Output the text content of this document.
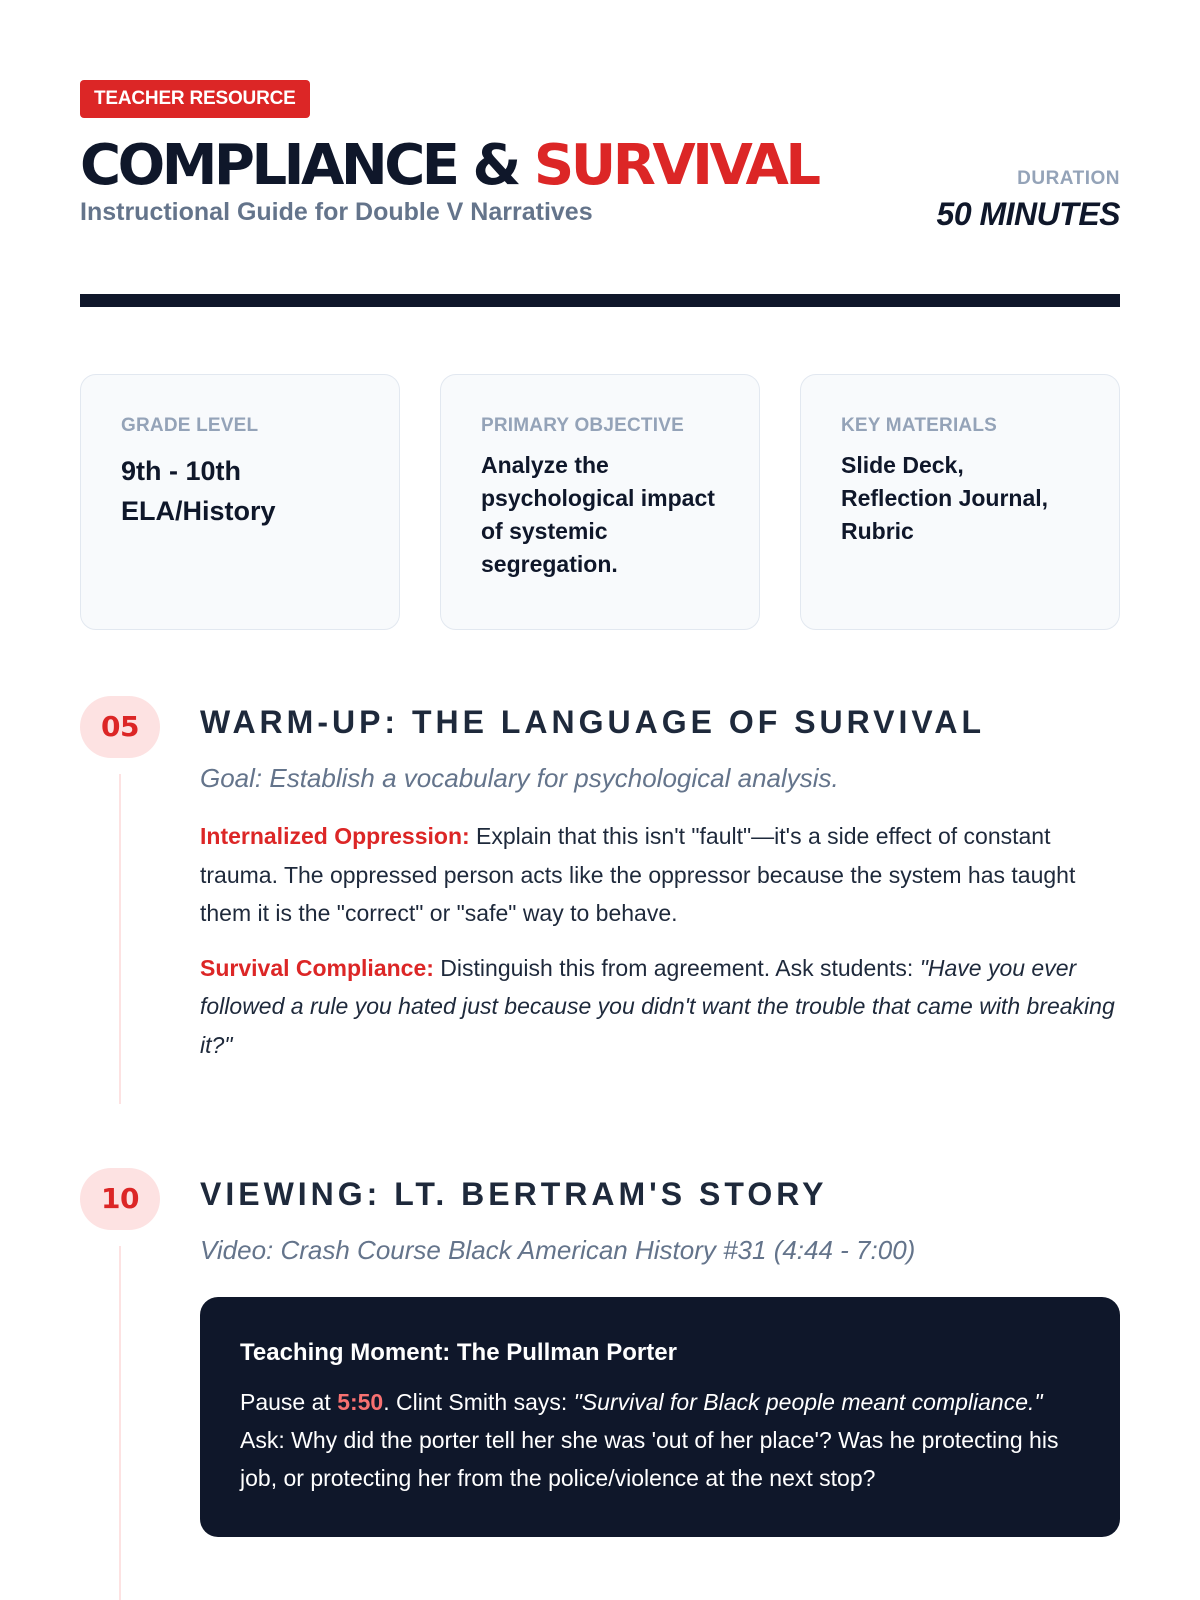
TEACHER RESOURCE
COMPLIANCE & SURVIVAL
Instructional Guide for Double V Narratives
DURATION
50 MINUTES
GRADE LEVEL
9th - 10th ELA/History
PRIMARY OBJECTIVE
Analyze the psychological impact of systemic segregation.
KEY MATERIALS
Slide Deck, Reflection Journal, Rubric
05	WARM-UP: THE LANGUAGE OF SURVIVAL
Goal: Establish a vocabulary for psychological analysis.

Internalized Oppression: Explain that this isn't "fault"—it's a side effect of constant trauma. The oppressed person acts like the oppressor because the system has taught them it is the "correct" or "safe" way to behave.

Survival Compliance: Distinguish this from agreement. Ask students: "Have you ever followed a rule you hated just because you didn't want the trouble that came with breaking it?"

10	VIEWING: LT. BERTRAM'S STORY
Video: Crash Course Black American History #31 (4:44 - 7:00)
Teaching Moment: The Pullman Porter

Pause at 5:50. Clint Smith says: "Survival for Black people meant compliance." Ask: Why did the porter tell her she was 'out of her place'? Was he protecting his job, or protecting her from the police/violence at the next stop?
